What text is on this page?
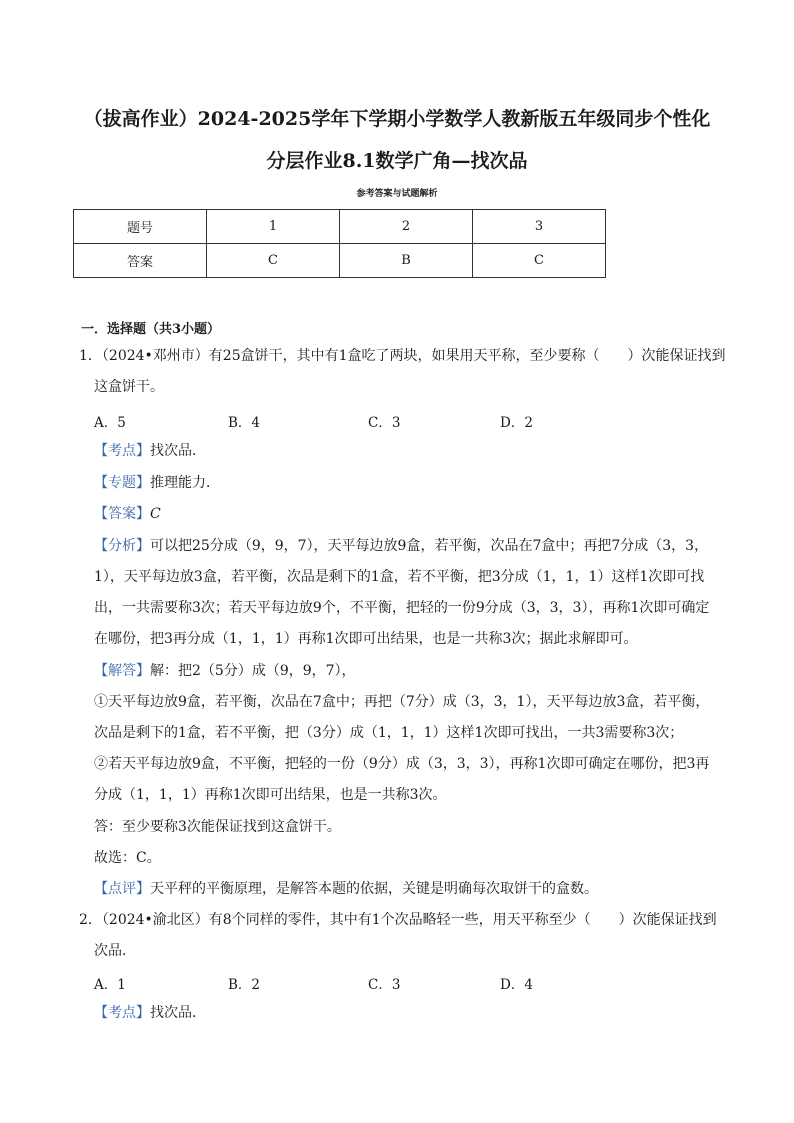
（拔高作业）2024-2025学年下学期小学数学人教新版五年级同步个性化
分层作业8.1数学广角—找次品
参考答案与试题解析
题号	1	2	3
答案	C	B	C
一．选择题（共3小题）
1．（2024•邓州市）有25盒饼干，其中有1盒吃了两块，如果用天平称，至少要称（　　）次能保证找到
这盒饼干。
A．5	B．4	C．3	D．2
【考点】找次品．
【专题】推理能力．
【答案】C
【分析】可以把25分成（9，9，7），天平每边放9盒，若平衡，次品在7盒中；再把7分成（3，3，
1），天平每边放3盒，若平衡，次品是剩下的1盒，若不平衡，把3分成（1，1，1）这样1次即可找
出，一共需要称3次；若天平每边放9个，不平衡，把轻的一份9分成（3，3，3），再称1次即可确定
在哪份，把3再分成（1，1，1）再称1次即可出结果，也是一共称3次；据此求解即可。
【解答】解：把2（5分）成（9，9，7），
①天平每边放9盒，若平衡，次品在7盒中；再把（7分）成（3，3，1），天平每边放3盒，若平衡，
次品是剩下的1盒，若不平衡，把（3分）成（1，1，1）这样1次即可找出，一共3需要称3次；
②若天平每边放9盒，不平衡，把轻的一份（9分）成（3，3，3），再称1次即可确定在哪份，把3再
分成（1，1，1）再称1次即可出结果，也是一共称3次。
答：至少要称3次能保证找到这盒饼干。
故选：C。
【点评】天平秤的平衡原理，是解答本题的依据，关键是明确每次取饼干的盒数。
2．（2024•渝北区）有8个同样的零件，其中有1个次品略轻一些，用天平称至少（　　）次能保证找到
次品．
A．1	B．2	C．3	D．4
【考点】找次品．
